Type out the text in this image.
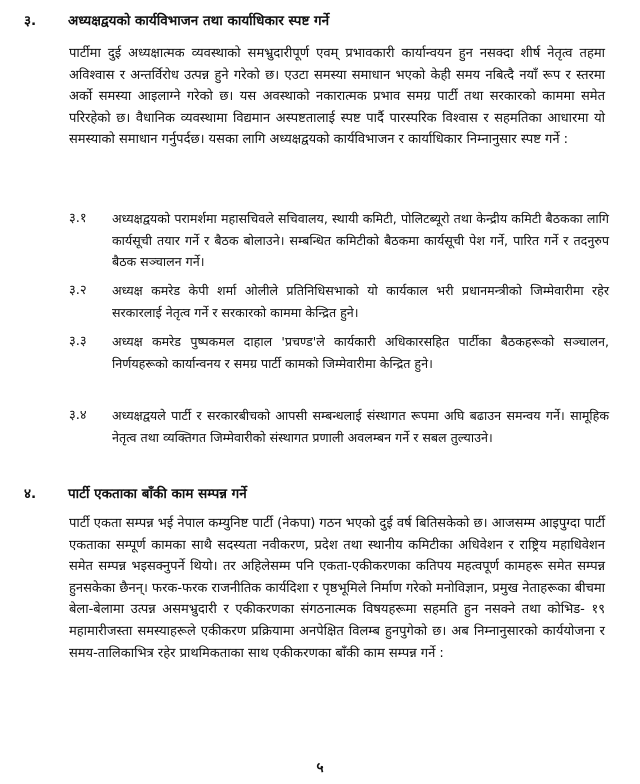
३. अध्यक्षद्वयको कार्यविभाजन तथा कार्याधिकार स्पष्ट गर्ने
पार्टीमा दुई अध्यक्षात्मक व्यवस्थाको समभ्रुदारीपूर्ण एवम् प्रभावकारी कार्यान्वयन हुन नसक्दा शीर्ष नेतृत्व तहमा अविश्वास र अन्तर्विरोध उत्पन्न हुने गरेको छ। एउटा समस्या समाधान भएको केही समय नबित्दै नयाँ रूप र स्तरमा अर्को समस्या आइलाग्ने गरेको छ। यस अवस्थाको नकारात्मक प्रभाव समग्र पार्टी तथा सरकारको काममा समेत परिरहेको छ। वैधानिक व्यवस्थामा विद्यमान अस्पष्टतालाई स्पष्ट पार्दै पारस्परिक विश्वास र सहमतिका आधारमा यो समस्याको समाधान गर्नुपर्दछ। यसका लागि अध्यक्षद्वयको कार्यविभाजन र कार्याधिकार निम्नानुसार स्पष्ट गर्ने :
३.१ अध्यक्षद्वयको परामर्शमा महासचिवले सचिवालय, स्थायी कमिटी, पोलिटब्यूरो तथा केन्द्रीय कमिटी बैठकका लागि कार्यसूची तयार गर्ने र बैठक बोलाउने। सम्बन्धित कमिटीको बैठकमा कार्यसूची पेश गर्ने, पारित गर्ने र तदनुरुप बैठक सञ्चालन गर्ने।
३.२ अध्यक्ष कमरेड केपी शर्मा ओलीले प्रतिनिधिसभाको यो कार्यकाल भरी प्रधानमन्त्रीको जिम्मेवारीमा रहेर सरकारलाई नेतृत्व गर्ने र सरकारको काममा केन्द्रित हुने।
३.३ अध्यक्ष कमरेड पुष्पकमल दाहाल 'प्रचण्ड'ले कार्यकारी अधिकारसहित पार्टीका बैठकहरूको सञ्चालन, निर्णयहरूको कार्यान्वनय र समग्र पार्टी कामको जिम्मेवारीमा केन्द्रित हुने।
३.४ अध्यक्षद्वयले पार्टी र सरकारबीचको आपसी सम्बन्धलाई संस्थागत रूपमा अघि बढाउन समन्वय गर्ने। सामूहिक नेतृत्व तथा व्यक्तिगत जिम्मेवारीको संस्थागत प्रणाली अवलम्बन गर्ने र सबल तुल्याउने।
४. पार्टी एकताका बाँकी काम सम्पन्न गर्ने
पार्टी एकता सम्पन्न भई नेपाल कम्युनिष्ट पार्टी (नेकपा) गठन भएको दुई वर्ष बितिसकेको छ। आजसम्म आइपुग्दा पार्टी एकताका सम्पूर्ण कामका साथै सदस्यता नवीकरण, प्रदेश तथा स्थानीय कमिटीका अधिवेशन र राष्ट्रिय महाधिवेशन समेत सम्पन्न भइसक्नुपर्ने थियो। तर अहिलेसम्म पनि एकता-एकीकरणका कतिपय महत्वपूर्ण कामहरू समेत सम्पन्न हुनसकेका छैनन्। फरक-फरक राजनीतिक कार्यदिशा र पृष्ठभूमिले निर्माण गरेको मनोविज्ञान, प्रमुख नेताहरूका बीचमा बेला-बेलामा उत्पन्न असमभ्रुदारी र एकीकरणका संगठनात्मक विषयहरूमा सहमति हुन नसक्ने तथा कोभिड- १९ महामारीजस्ता समस्याहरूले एकीकरण प्रक्रियामा अनपेक्षित विलम्ब हुनपुगेको छ। अब निम्नानुसारको कार्ययोजना र समय-तालिकाभित्र रहेर प्राथमिकताका साथ एकीकरणका बाँकी काम सम्पन्न गर्ने :
५
